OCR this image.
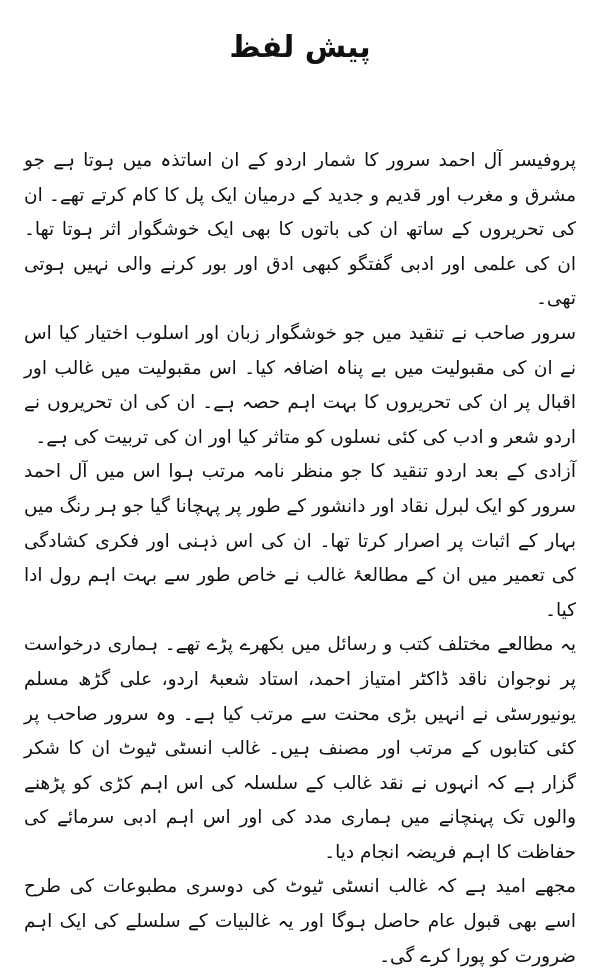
پیش لفظ

پروفیسر آل احمد سرور کا شمار اردو کے ان اساتذہ میں ہوتا ہے جو مشرق و مغرب اور قدیم و جدید کے درمیان ایک پل کا کام کرتے تھے۔ ان کی تحریروں کے ساتھ ان کی باتوں کا بھی ایک خوشگوار اثر ہوتا تھا۔ ان کی علمی اور ادبی گفتگو کبھی ادق اور بور کرنے والی نہیں ہوتی تھی۔

سرور صاحب نے تنقید میں جو خوشگوار زبان اور اسلوب اختیار کیا اس نے ان کی مقبولیت میں بے پناہ اضافہ کیا۔ اس مقبولیت میں غالب اور اقبال پر ان کی تحریروں کا بہت اہم حصہ ہے۔ ان کی ان تحریروں نے اردو شعر و ادب کی کئی نسلوں کو متاثر کیا اور ان کی تربیت کی ہے۔

آزادی کے بعد اردو تنقید کا جو منظر نامہ مرتب ہوا اس میں آل احمد سرور کو ایک لبرل نقاد اور دانشور کے طور پر پہچانا گیا جو ہر رنگ میں بہار کے اثبات پر اصرار کرتا تھا۔ ان کی اس ذہنی اور فکری کشادگی کی تعمیر میں ان کے مطالعۂ غالب نے خاص طور سے بہت اہم رول ادا کیا۔

یہ مطالعے مختلف کتب و رسائل میں بکھرے پڑے تھے۔ ہماری درخواست پر نوجوان ناقد ڈاکٹر امتیاز احمد، استاد شعبۂ اردو، علی گڑھ مسلم یونیورسٹی نے انہیں بڑی محنت سے مرتب کیا ہے۔ وہ سرور صاحب پر کئی کتابوں کے مرتب اور مصنف ہیں۔ غالب انسٹی ٹیوٹ ان کا شکر گزار ہے کہ انہوں نے نقد غالب کے سلسلہ کی اس اہم کڑی کو پڑھنے والوں تک پہنچانے میں ہماری مدد کی اور اس اہم ادبی سرمائے کی حفاظت کا اہم فریضہ انجام دیا۔

مجھے امید ہے کہ غالب انسٹی ٹیوٹ کی دوسری مطبوعات کی طرح اسے بھی قبول عام حاصل ہوگا اور یہ غالبیات کے سلسلے کی ایک اہم ضرورت کو پورا کرے گی۔
